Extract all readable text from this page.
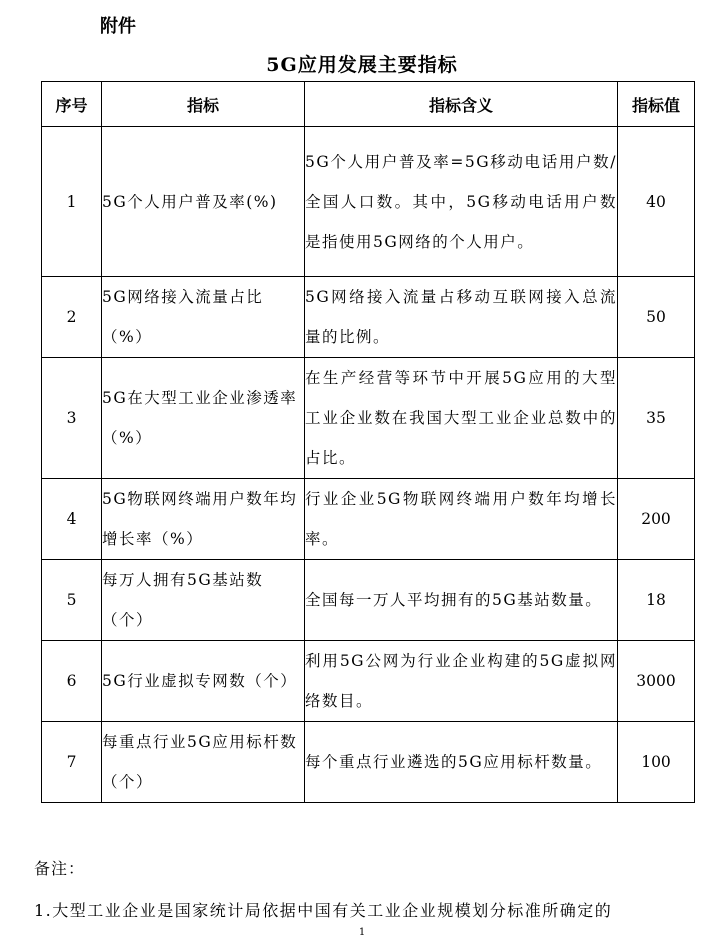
附件
5G应用发展主要指标
序号	指标	指标含义	指标值
1	5G个人用户普及率(%)	5G个人用户普及率=5G移动电话用户数/全国人口数。其中，5G移动电话用户数是指使用5G网络的个人用户。	40
2	5G网络接入流量占比（%）	5G网络接入流量占移动互联网接入总流量的比例。	50
3	5G在大型工业企业渗透率（%）	在生产经营等环节中开展5G应用的大型工业企业数在我国大型工业企业总数中的占比。	35
4	5G物联网终端用户数年均增长率（%）	行业企业5G物联网终端用户数年均增长率。	200
5	每万人拥有5G基站数（个）	全国每一万人平均拥有的5G基站数量。	18
6	5G行业虚拟专网数（个）	利用5G公网为行业企业构建的5G虚拟网络数目。	3000
7	每重点行业5G应用标杆数（个）	每个重点行业遴选的5G应用标杆数量。	100
备注：
1.大型工业企业是国家统计局依据中国有关工业企业规模划分标准所确定的
1
